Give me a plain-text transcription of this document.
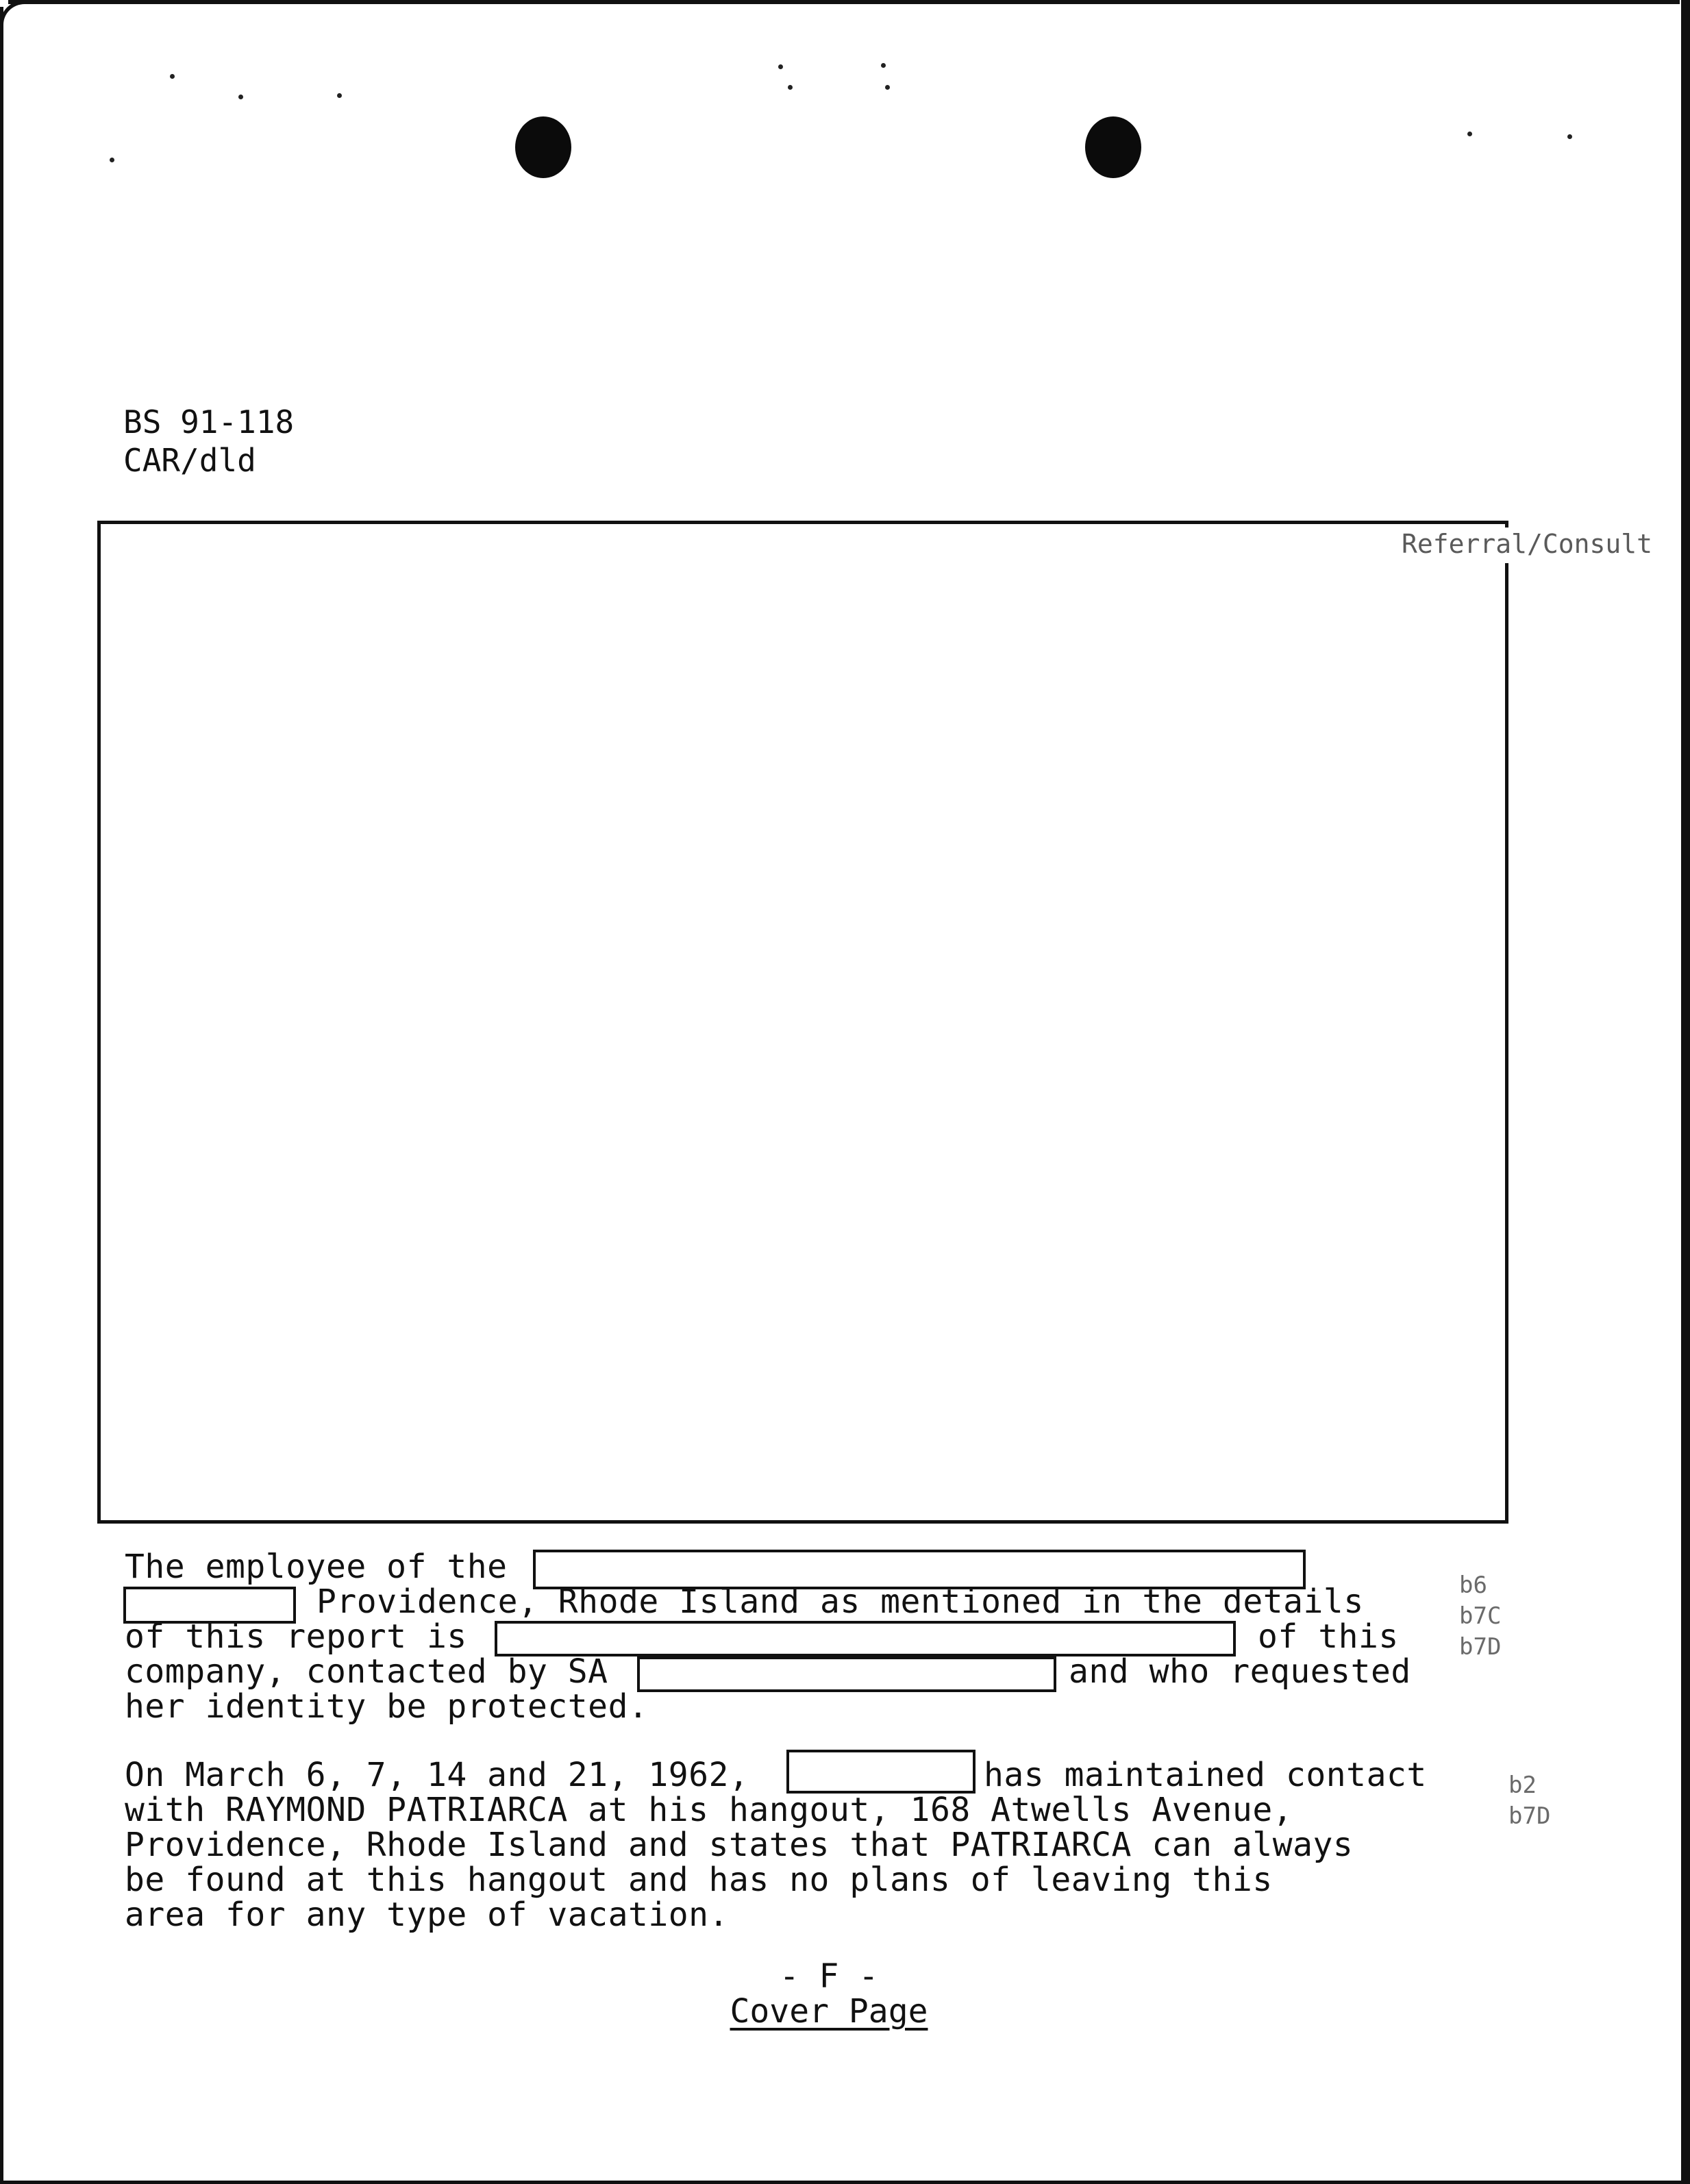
BS 91-118
CAR/dld
Referral/Consult
The employee of the
Providence, Rhode Island as mentioned in the details
of this report is	of this
company, contacted by SA	and who requested
her identity be protected.
b6
b7C
b7D
On March 6, 7, 14 and 21, 1962,	has maintained contact
with RAYMOND PATRIARCA at his hangout, 168 Atwells Avenue,
Providence, Rhode Island and states that PATRIARCA can always
be found at this hangout and has no plans of leaving this
area for any type of vacation.
b2
b7D
- F -
Cover Page
